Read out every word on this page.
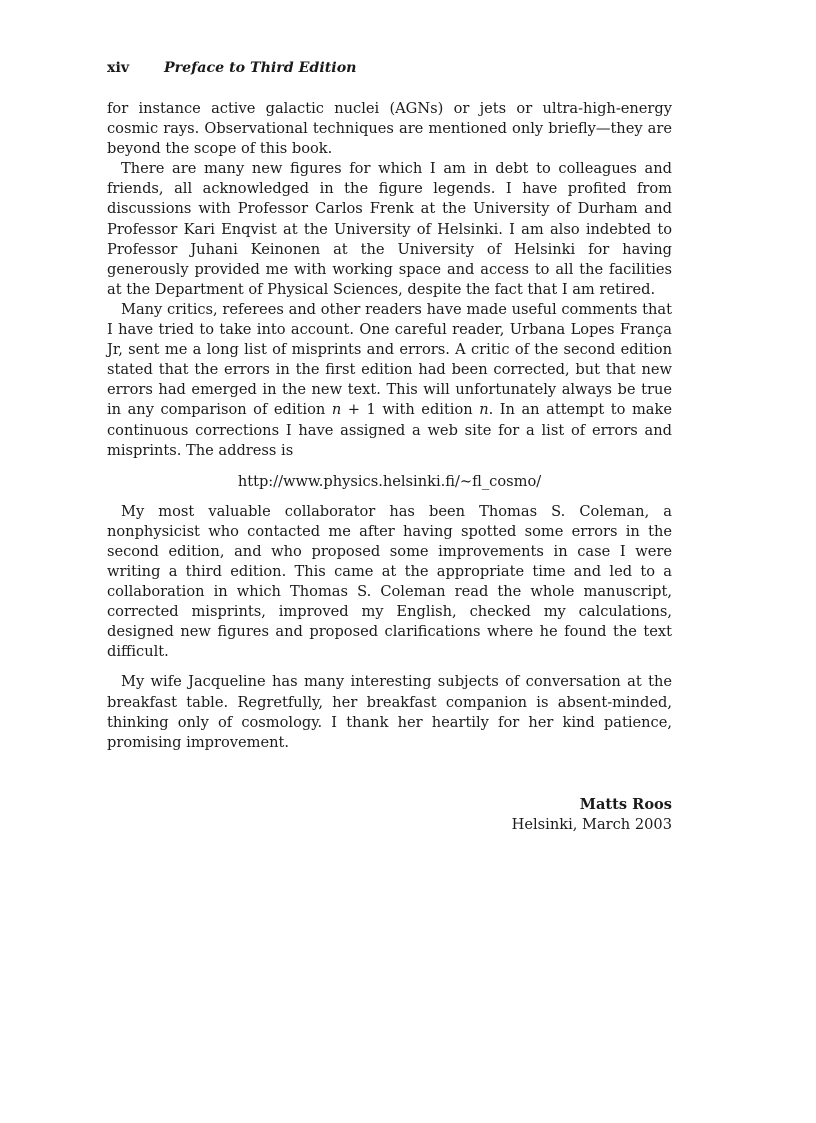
xiv Preface to Third Edition

for instance active galactic nuclei (AGNs) or jets or ultra-high-energy cosmic rays. Observational techniques are mentioned only briefly—they are beyond the scope of this book.

There are many new figures for which I am in debt to colleagues and friends, all acknowledged in the figure legends. I have profited from discussions with Professor Carlos Frenk at the University of Durham and Professor Kari Enqvist at the University of Helsinki. I am also indebted to Professor Juhani Keinonen at the University of Helsinki for having generously provided me with working space and access to all the facilities at the Department of Physical Sciences, despite the fact that I am retired.

Many critics, referees and other readers have made useful comments that I have tried to take into account. One careful reader, Urbana Lopes França Jr, sent me a long list of misprints and errors. A critic of the second edition stated that the errors in the first edition had been corrected, but that new errors had emerged in the new text. This will unfortunately always be true in any comparison of edition n + 1 with edition n. In an attempt to make continuous corrections I have assigned a web site for a list of errors and misprints. The address is

http://www.physics.helsinki.fi/~fl_cosmo/

My most valuable collaborator has been Thomas S. Coleman, a nonphysicist who contacted me after having spotted some errors in the second edition, and who proposed some improvements in case I were writing a third edition. This came at the appropriate time and led to a collaboration in which Thomas S. Coleman read the whole manuscript, corrected misprints, improved my English, checked my calculations, designed new figures and proposed clarifications where he found the text difficult.

My wife Jacqueline has many interesting subjects of conversation at the breakfast table. Regretfully, her breakfast companion is absent-minded, thinking only of cosmology. I thank her heartily for her kind patience, promising improvement.

Matts Roos
Helsinki, March 2003
